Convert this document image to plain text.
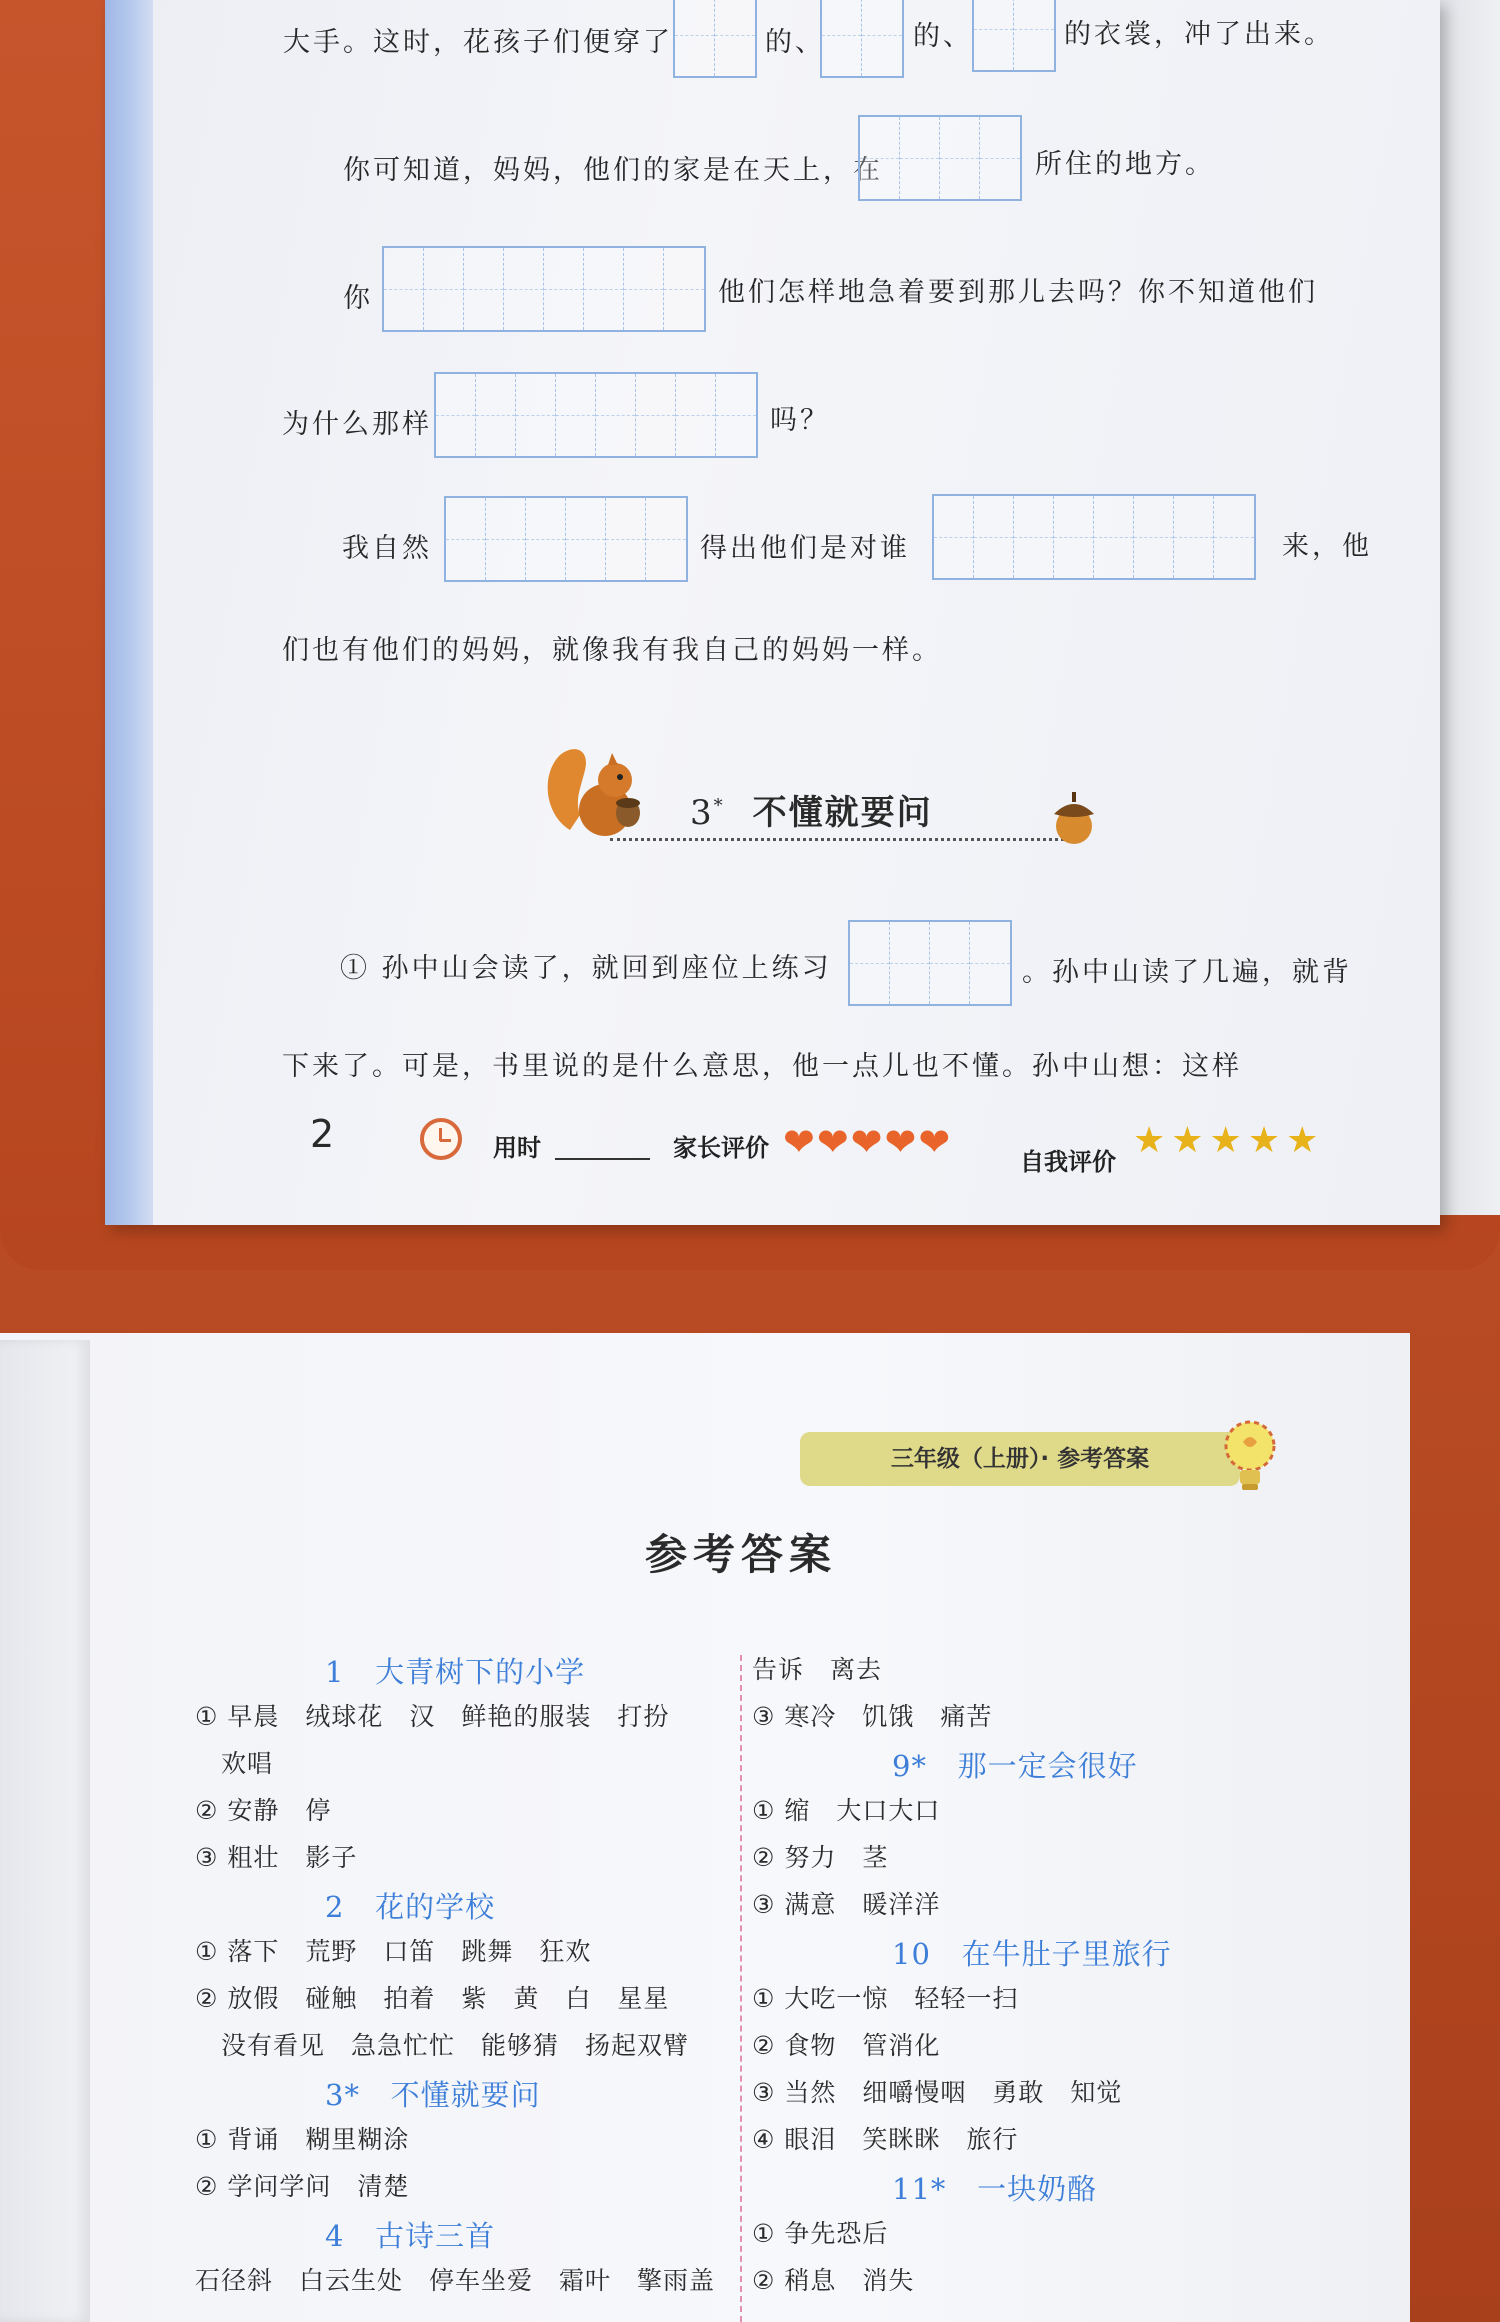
大手。这时，花孩子们便穿了	的、	的、	的衣裳，冲了出来。
你可知道，妈妈，他们的家是在天上，在	所住的地方。
你	他们怎样地急着要到那儿去吗？你不知道他们
为什么那样	吗？
我自然	得出他们是对谁	来，他
们也有他们的妈妈，就像我有我自己的妈妈一样。
3* 不懂就要问
① 孙中山会读了，就回到座位上练习	。孙中山读了几遍，就背
下来了。可是，书里说的是什么意思，他一点儿也不懂。孙中山想：这样
2	用时	家长评价 ❤❤❤❤❤	自我评价
★★★★★
三年级（上册）· 参考答案
参考答案
1   大青树下的小学
① 早晨　绒球花　汉　鲜艳的服装　打扮
　欢唱
② 安静　停
③ 粗壮　影子
2   花的学校
① 落下　荒野　口笛　跳舞　狂欢
② 放假　碰触　拍着　紫　黄　白　星星
　没有看见　急急忙忙　能够猜　扬起双臂
3*   不懂就要问
① 背诵　糊里糊涂
② 学问学问　清楚
4   古诗三首
石径斜　白云生处　停车坐爱　霜叶　擎雨盖
告诉　离去
③ 寒冷　饥饿　痛苦
9*   那一定会很好
① 缩　大口大口
② 努力　茎
③ 满意　暖洋洋
10   在牛肚子里旅行
① 大吃一惊　轻轻一扫
② 食物　管消化
③ 当然　细嚼慢咽　勇敢　知觉
④ 眼泪　笑眯眯　旅行
11*   一块奶酪
① 争先恐后
② 稍息　消失
